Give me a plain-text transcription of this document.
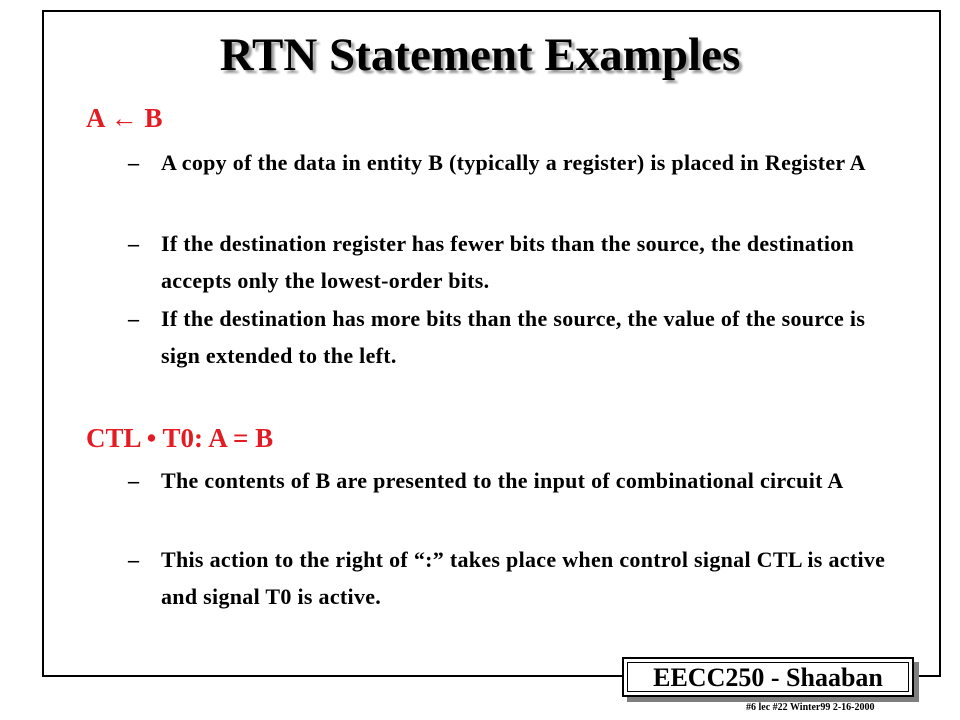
RTN Statement Examples
A ← B
– A copy of the data in entity B (typically a register) is placed in Register A
– If the destination register has fewer bits than the source, the destination accepts only the lowest-order bits.
– If the destination has more bits than the source, the value of the source is sign extended to the left.
CTL • T0: A = B
– The contents of B are presented to the input of combinational circuit A
– This action to the right of “:” takes place when control signal CTL is active and signal T0 is active.
EECC250 - Shaaban
#6 lec #22 Winter99 2-16-2000
